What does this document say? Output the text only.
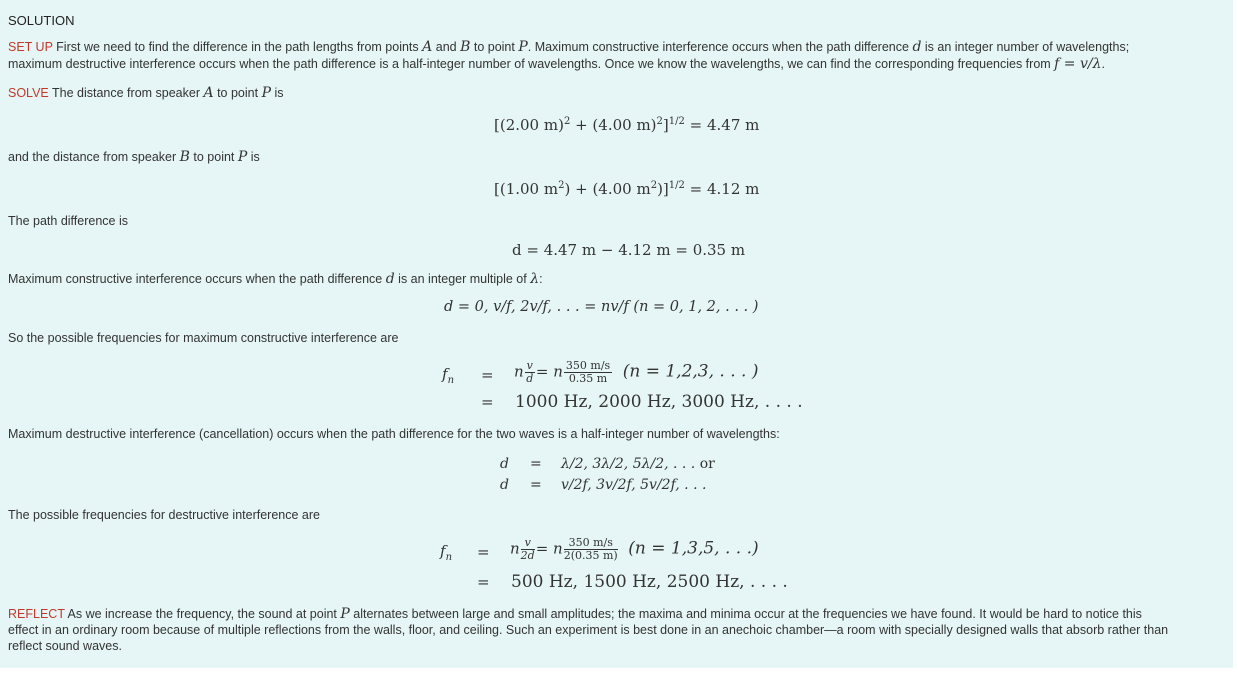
SOLUTION
SET UP First we need to find the difference in the path lengths from points A and B to point P. Maximum constructive interference occurs when the path difference d is an integer number of wavelengths;
maximum destructive interference occurs when the path difference is a half-integer number of wavelengths. Once we know the wavelengths, we can find the corresponding frequencies from f = v/λ.
SOLVE The distance from speaker A to point P is
[(2.00 m)$^2$ + (4.00 m)$^2$]$^{1/2}$ = 4.47 m
and the distance from speaker B to point P is
[(1.00 $m^2) + (4.00$ $m^2)]^{1/2} = 4.12$ m
The path difference is
d = 4.47 m − 4.12 m = 0.35 m
Maximum constructive interference occurs when the path difference d is an integer multiple of λ:
d = 0, v/f, 2v/f, . . . = nv/f (n = 0, 1, 2, . . . )
So the possible frequencies for maximum constructive interference are
$f_n = n \frac{v}{d} = n \frac{350 m/s}{0.35 m} (n = 1,2,3$, . . . )
= 1000 Hz, 2000 Hz, 3000 Hz, . . . .
Maximum destructive interference (cancellation) occurs when the path difference for the two waves is a half-integer number of wavelengths:
d = λ/2, 3λ/2, 5λ/2, . . . or
d = v/2f, 3v/2f, 5v/2f, . . .
The possible frequencies for destructive interference are
$f_n = n \frac{v}{2d} = n \frac{350 m/s}{2(0.35 m)} (n = 1,3,5$, . . .)
= 500 Hz, 1500 Hz, 2500 Hz, . . . .
REFLECT As we increase the frequency, the sound at point P alternates between large and small amplitudes; the maxima and minima occur at the frequencies we have found. It would be hard to notice this
effect in an ordinary room because of multiple reflections from the walls, floor, and ceiling. Such an experiment is best done in an anechoic chamber—a room with specially designed walls that absorb rather than
reflect sound waves.
